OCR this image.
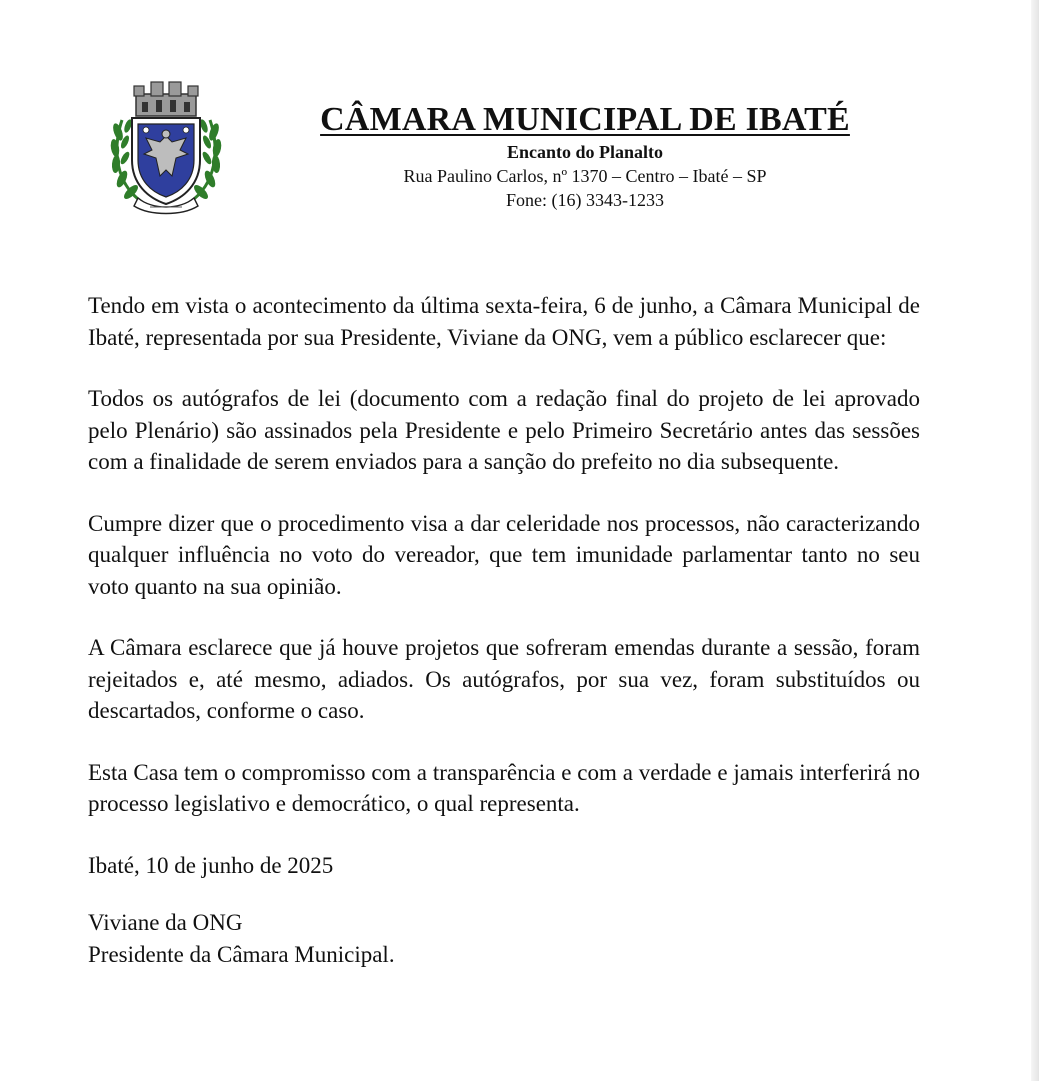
CÂMARA MUNICIPAL DE IBATÉ
Encanto do Planalto
Rua Paulino Carlos, nº 1370 – Centro – Ibaté – SP
Fone: (16) 3343-1233

Tendo em vista o acontecimento da última sexta-feira, 6 de junho, a Câmara Municipal de Ibaté, representada por sua Presidente, Viviane da ONG, vem a público esclarecer que:

Todos os autógrafos de lei (documento com a redação final do projeto de lei aprovado pelo Plenário) são assinados pela Presidente e pelo Primeiro Secretário antes das sessões com a finalidade de serem enviados para a sanção do prefeito no dia subsequente.

Cumpre dizer que o procedimento visa a dar celeridade nos processos, não caracterizando qualquer influência no voto do vereador, que tem imunidade parlamentar tanto no seu voto quanto na sua opinião.

A Câmara esclarece que já houve projetos que sofreram emendas durante a sessão, foram rejeitados e, até mesmo, adiados. Os autógrafos, por sua vez, foram substituídos ou descartados, conforme o caso.

Esta Casa tem o compromisso com a transparência e com a verdade e jamais interferirá no processo legislativo e democrático, o qual representa.

Ibaté, 10 de junho de 2025

Viviane da ONG
Presidente da Câmara Municipal.
